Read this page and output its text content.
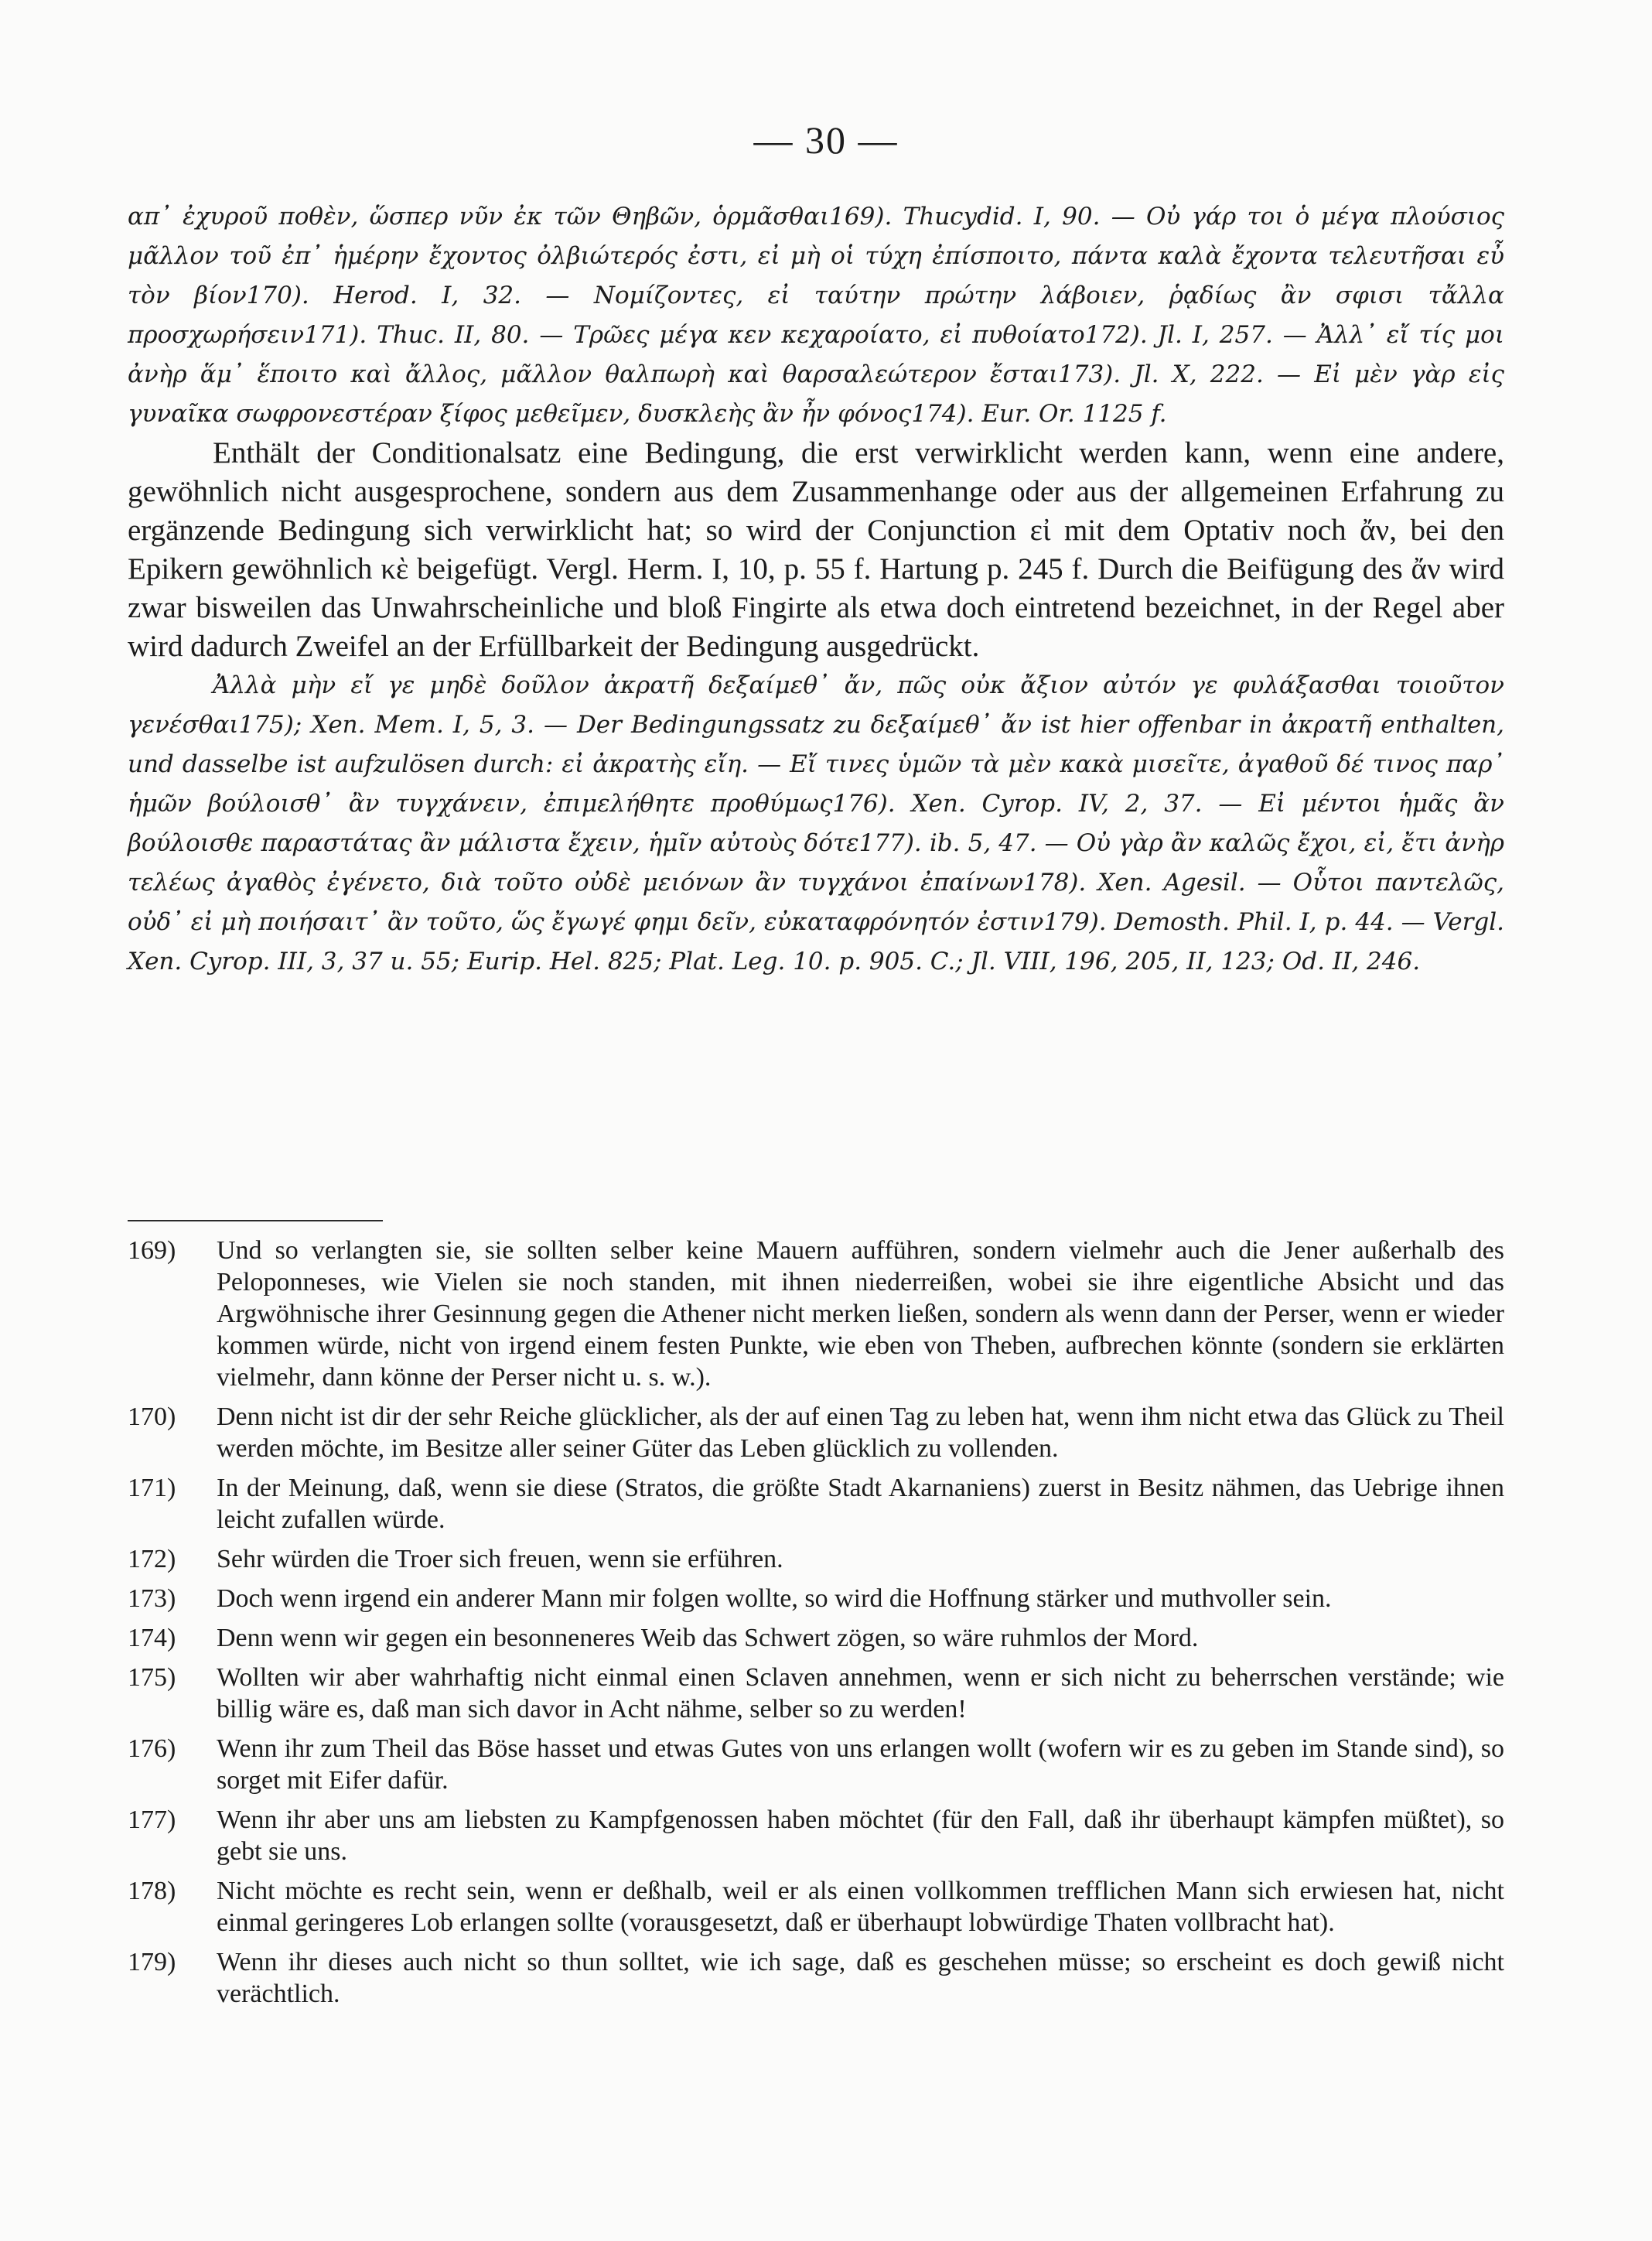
— 30 —

απ᾽ ἐχυροῦ ποθὲν, ὥσπερ νῦν ἐκ τῶν Θηβῶν, ὁρμᾶσθαι169). Thucydid. I, 90. — Οὐ γάρ τοι ὁ μέγα πλούσιος μᾶλλον τοῦ ἐπ᾽ ἡμέρην ἔχοντος ὀλβιώτερός ἐστι, εἰ μὴ οἱ τύχη ἐπίσποιτο, πάντα καλὰ ἔχοντα τελευτῆσαι εὖ τὸν βίον170). Herod. I, 32. — Νομίζοντες, εἰ ταύτην πρώτην λάβοιεν, ῥᾳδίως ἂν σφισι τἄλλα προσχωρήσειν171). Thuc. II, 80. — Τρῶες μέγα κεν κεχαροίατο, εἰ πυθοίατο172). Jl. I, 257. — Ἀλλ᾽ εἴ τίς μοι ἀνὴρ ἅμ᾽ ἕποιτο καὶ ἄλλος, μᾶλλον θαλπωρὴ καὶ θαρσαλεώτερον ἔσται173). Jl. X, 222. — Εἰ μὲν γὰρ εἰς γυναῖκα σωφρονεστέραν ξίφος μεθεῖμεν, δυσκλεὴς ἂν ἦν φόνος174). Eur. Or. 1125 f.

Enthält der Conditionalsatz eine Bedingung, die erst verwirklicht werden kann, wenn eine andere, gewöhnlich nicht ausgesprochene, sondern aus dem Zusammenhange oder aus der allgemeinen Erfahrung zu ergänzende Bedingung sich verwirklicht hat; so wird der Conjunction εἰ mit dem Optativ noch ἄν, bei den Epikern gewöhnlich κὲ beigefügt. Vergl. Herm. I, 10, p. 55 f. Hartung p. 245 f. Durch die Beifügung des ἄν wird zwar bisweilen das Unwahrscheinliche und bloß Fingirte als etwa doch eintretend bezeichnet, in der Regel aber wird dadurch Zweifel an der Erfüllbarkeit der Bedingung ausgedrückt.

Ἀλλὰ μὴν εἴ γε μηδὲ δοῦλον ἀκρατῆ δεξαίμεθ᾽ ἄν, πῶς οὐκ ἄξιον αὐτόν γε φυλάξασθαι τοιοῦτον γενέσθαι175); Xen. Mem. I, 5, 3. — Der Bedingungssatz zu δεξαίμεθ᾽ ἄν ist hier offenbar in ἀκρατῆ enthalten, und dasselbe ist aufzulösen durch: εἰ ἀκρατὴς εἴη. — Εἴ τινες ὑμῶν τὰ μὲν κακὰ μισεῖτε, ἀγαθοῦ δέ τινος παρ᾽ ἡμῶν βούλοισθ᾽ ἂν τυγχάνειν, ἐπιμελήθητε προθύμως176). Xen. Cyrop. IV, 2, 37. — Εἰ μέντοι ἡμᾶς ἂν βούλοισθε παραστάτας ἂν μάλιστα ἔχειν, ἡμῖν αὐτοὺς δότε177). ib. 5, 47. — Οὐ γὰρ ἂν καλῶς ἔχοι, εἰ, ἔτι ἀνὴρ τελέως ἀγαθὸς ἐγένετο, διὰ τοῦτο οὐδὲ μειόνων ἂν τυγχάνοι ἐπαίνων178). Xen. Agesil. — Οὗτοι παντελῶς, οὐδ᾽ εἰ μὴ ποιήσαιτ᾽ ἂν τοῦτο, ὥς ἔγωγέ φημι δεῖν, εὐκαταφρόνητόν ἐστιν179). Demosth. Phil. I, p. 44. — Vergl. Xen. Cyrop. III, 3, 37 u. 55; Eurip. Hel. 825; Plat. Leg. 10. p. 905. C.; Jl. VIII, 196, 205, II, 123; Od. II, 246.

169) Und so verlangten sie, sie sollten selber keine Mauern aufführen, sondern vielmehr auch die Jener außerhalb des Peloponneses, wie Vielen sie noch standen, mit ihnen niederreißen, wobei sie ihre eigentliche Absicht und das Argwöhnische ihrer Gesinnung gegen die Athener nicht merken ließen, sondern als wenn dann der Perser, wenn er wieder kommen würde, nicht von irgend einem festen Punkte, wie eben von Theben, aufbrechen könnte (sondern sie erklärten vielmehr, dann könne der Perser nicht u. s. w.).
170) Denn nicht ist dir der sehr Reiche glücklicher, als der auf einen Tag zu leben hat, wenn ihm nicht etwa das Glück zu Theil werden möchte, im Besitze aller seiner Güter das Leben glücklich zu vollenden.
171) In der Meinung, daß, wenn sie diese (Stratos, die größte Stadt Akarnaniens) zuerst in Besitz nähmen, das Uebrige ihnen leicht zufallen würde.
172) Sehr würden die Troer sich freuen, wenn sie erführen.
173) Doch wenn irgend ein anderer Mann mir folgen wollte, so wird die Hoffnung stärker und muthvoller sein.
174) Denn wenn wir gegen ein besonneneres Weib das Schwert zögen, so wäre ruhmlos der Mord.
175) Wollten wir aber wahrhaftig nicht einmal einen Sclaven annehmen, wenn er sich nicht zu beherrschen verstände; wie billig wäre es, daß man sich davor in Acht nähme, selber so zu werden!
176) Wenn ihr zum Theil das Böse hasset und etwas Gutes von uns erlangen wollt (wofern wir es zu geben im Stande sind), so sorget mit Eifer dafür.
177) Wenn ihr aber uns am liebsten zu Kampfgenossen haben möchtet (für den Fall, daß ihr überhaupt kämpfen müßtet), so gebt sie uns.
178) Nicht möchte es recht sein, wenn er deßhalb, weil er als einen vollkommen trefflichen Mann sich erwiesen hat, nicht einmal geringeres Lob erlangen sollte (vorausgesetzt, daß er überhaupt lobwürdige Thaten vollbracht hat).
179) Wenn ihr dieses auch nicht so thun solltet, wie ich sage, daß es geschehen müsse; so erscheint es doch gewiß nicht verächtlich.
